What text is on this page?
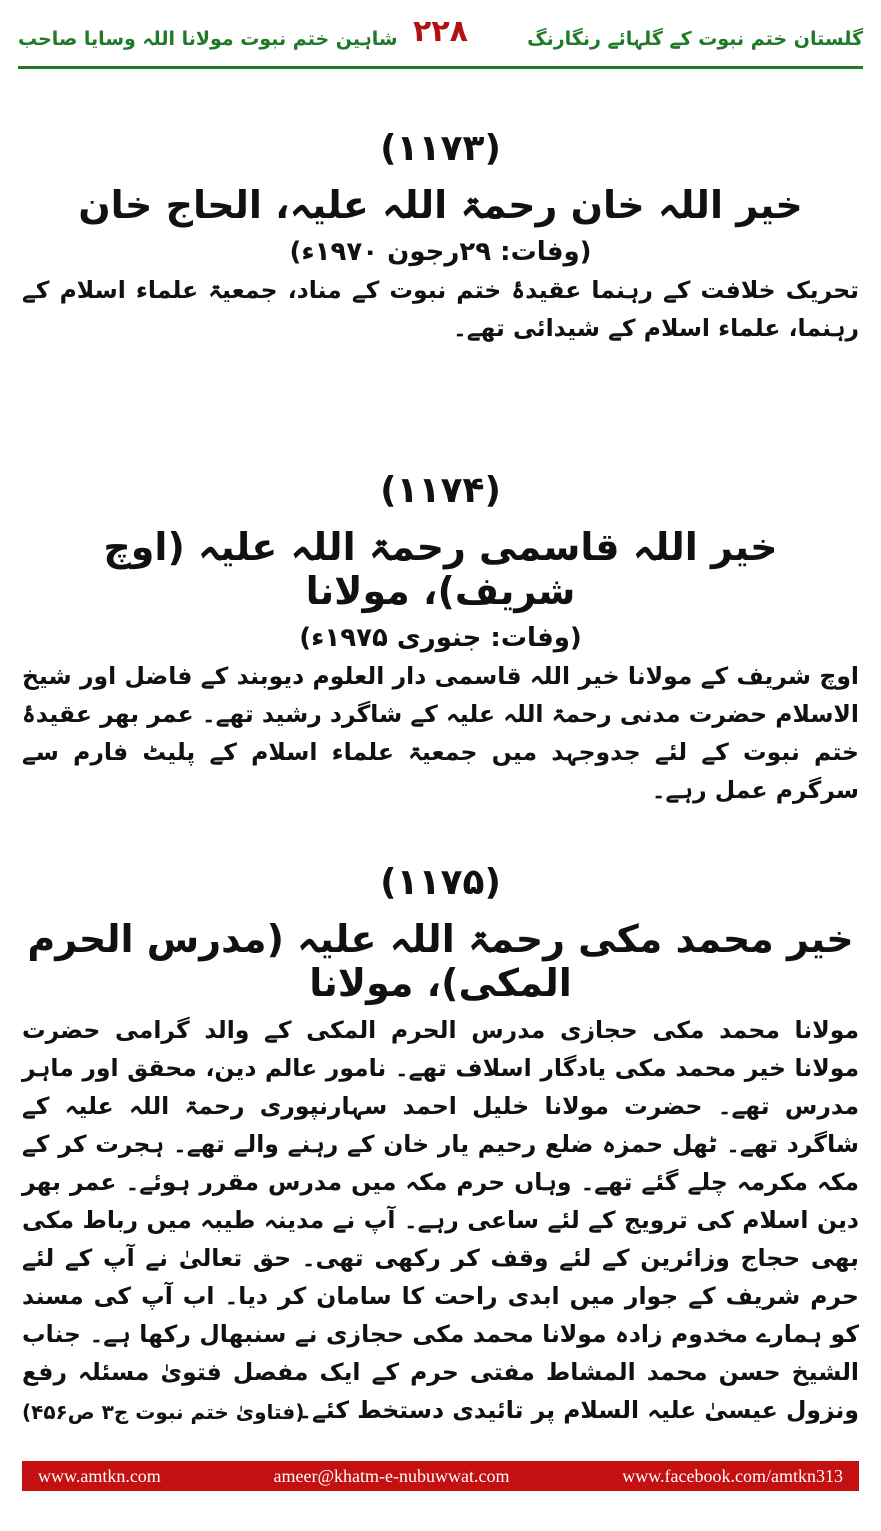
گلستان ختم نبوت کے گلہائے رنگارنگ
۲۲۸
شاہین ختم نبوت مولانا اللہ وسایا صاحب
(۱۱۷۳)
خیر اللہ خان رحمۃ اللہ علیہ، الحاج خان
(وفات: ۲۹رجون ۱۹۷۰ء)
تحریک خلافت کے رہنما عقیدۂ ختم نبوت کے مناد، جمعیۃ علماء اسلام کے رہنما، علماء اسلام کے شیدائی تھے۔
(۱۱۷۴)
خیر اللہ قاسمی رحمۃ اللہ علیہ (اوچ شریف)، مولانا
(وفات: جنوری ۱۹۷۵ء)
اوچ شریف کے مولانا خیر اللہ قاسمی دار العلوم دیوبند کے فاضل اور شیخ الاسلام حضرت مدنی رحمۃ اللہ علیہ کے شاگرد رشید تھے۔ عمر بھر عقیدۂ ختم نبوت کے لئے جدوجہد میں جمعیۃ علماء اسلام کے پلیٹ فارم سے سرگرم عمل رہے۔
(۱۱۷۵)
خیر محمد مکی رحمۃ اللہ علیہ (مدرس الحرم المکی)، مولانا
مولانا محمد مکی حجازی مدرس الحرم المکی کے والد گرامی حضرت مولانا خیر محمد مکی یادگار اسلاف تھے۔ نامور عالم دین، محقق اور ماہر مدرس تھے۔ حضرت مولانا خلیل احمد سہارنپوری رحمۃ اللہ علیہ کے شاگرد تھے۔ ٹھل حمزہ ضلع رحیم یار خان کے رہنے والے تھے۔ ہجرت کر کے مکہ مکرمہ چلے گئے تھے۔ وہاں حرم مکہ میں مدرس مقرر ہوئے۔ عمر بھر دین اسلام کی ترویج کے لئے ساعی رہے۔ آپ نے مدینہ طیبہ میں رباط مکی بھی حجاج وزائرین کے لئے وقف کر رکھی تھی۔ حق تعالیٰ نے آپ کے لئے حرم شریف کے جوار میں ابدی راحت کا سامان کر دیا۔ اب آپ کی مسند کو ہمارے مخدوم زادہ مولانا محمد مکی حجازی نے سنبھال رکھا ہے۔ جناب الشیخ حسن محمد المشاط مفتی حرم کے ایک مفصل فتویٰ مسئلہ رفع ونزول عیسیٰ علیہ السلام پر تائیدی دستخط کئے۔
(فتاویٰ ختم نبوت ج۳ ص۴۵۶)
www.amtkn.com	ameer@khatm-e-nubuwwat.com	www.facebook.com/amtkn313
